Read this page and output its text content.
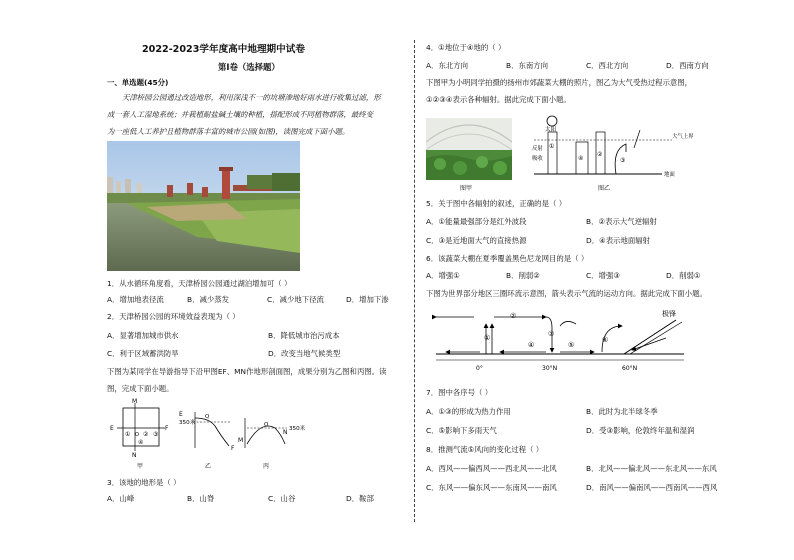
2022-2023学年度高中地理期中试卷
第Ⅰ卷（选择题）
一、单选题(45分)
天津桥园公园通过改造地形，利用深浅不一的坑塘渗地好雨水进行收集过滤，形
成一套人工湿地系统；并栽植耐盐碱土壤的种植，搭配形成不同植物群落，最终变
为一座低人工养护且植物群落丰富的城市公园(如图)，读图完成下面小题。
1．从水循环角度看，天津桥园公园通过湖泊增加可（ ）
A．增加地表径流	B．减少蒸发	C．减少地下径流	D．增加下渗
2．天津桥园公园的环境效益表现为（ ）
A．显著增加城市供水	B．降低城市治污成本
C．利于区域蓄洪防旱	D．改变当地气候类型
下图为某同学在导游指导下沿甲图EF、MN作地形剖面图，成果分别为乙图和丙图。读
图，完成下面小题。
M
N
E	F
O
① ② ③
④
甲
350米
E	Q
F
乙
M
O
N 350米
丙
3．该地的地形是（ ）
A．山峰	B．山脊	C．山谷	D．鞍部
4．①地位于④地的（ ）
A．东北方向	B．东南方向	C．西北方向	D．西南方向
下图甲为小明同学拍摄的扬州市郊蔬菜大棚的照片，图乙为大气受热过程示意图，
①②③④表示各种辐射。据此完成下面小题。
图甲
太阳
大气上界
地面
反射
吸收
①
④
②
③
图乙
5．关于图中各辐射的叙述，正确的是（ ）
A．①能量最强部分是红外波段	B．②表示大气逆辐射
C．③是近地面大气的直接热源	D．④表示地面辐射
6．该蔬菜大棚在夏季覆盖黑色尼龙网目的是（ ）
A．增强①	B．削弱②	C．增强③	D．削弱①
下图为世界部分地区三圈环流示意图，箭头表示气流的运动方向。据此完成下面小题。
①
②
③
④	⑤
⑥
极锋
0°	30°N	60°N
7．图中各序号（ ）
A．①③的形成为热力作用	B．此时为北半球冬季
C．⑤影响下多雨天气	D．受③影响，伦敦终年温和湿润
8．推测气流⑤风向的变化过程（ ）
A．西风——偏西风——西北风——北风	B．北风——偏北风——东北风——东风
C．东风——偏东风——东南风——南风	D．南风——偏南风——西南风——西风
